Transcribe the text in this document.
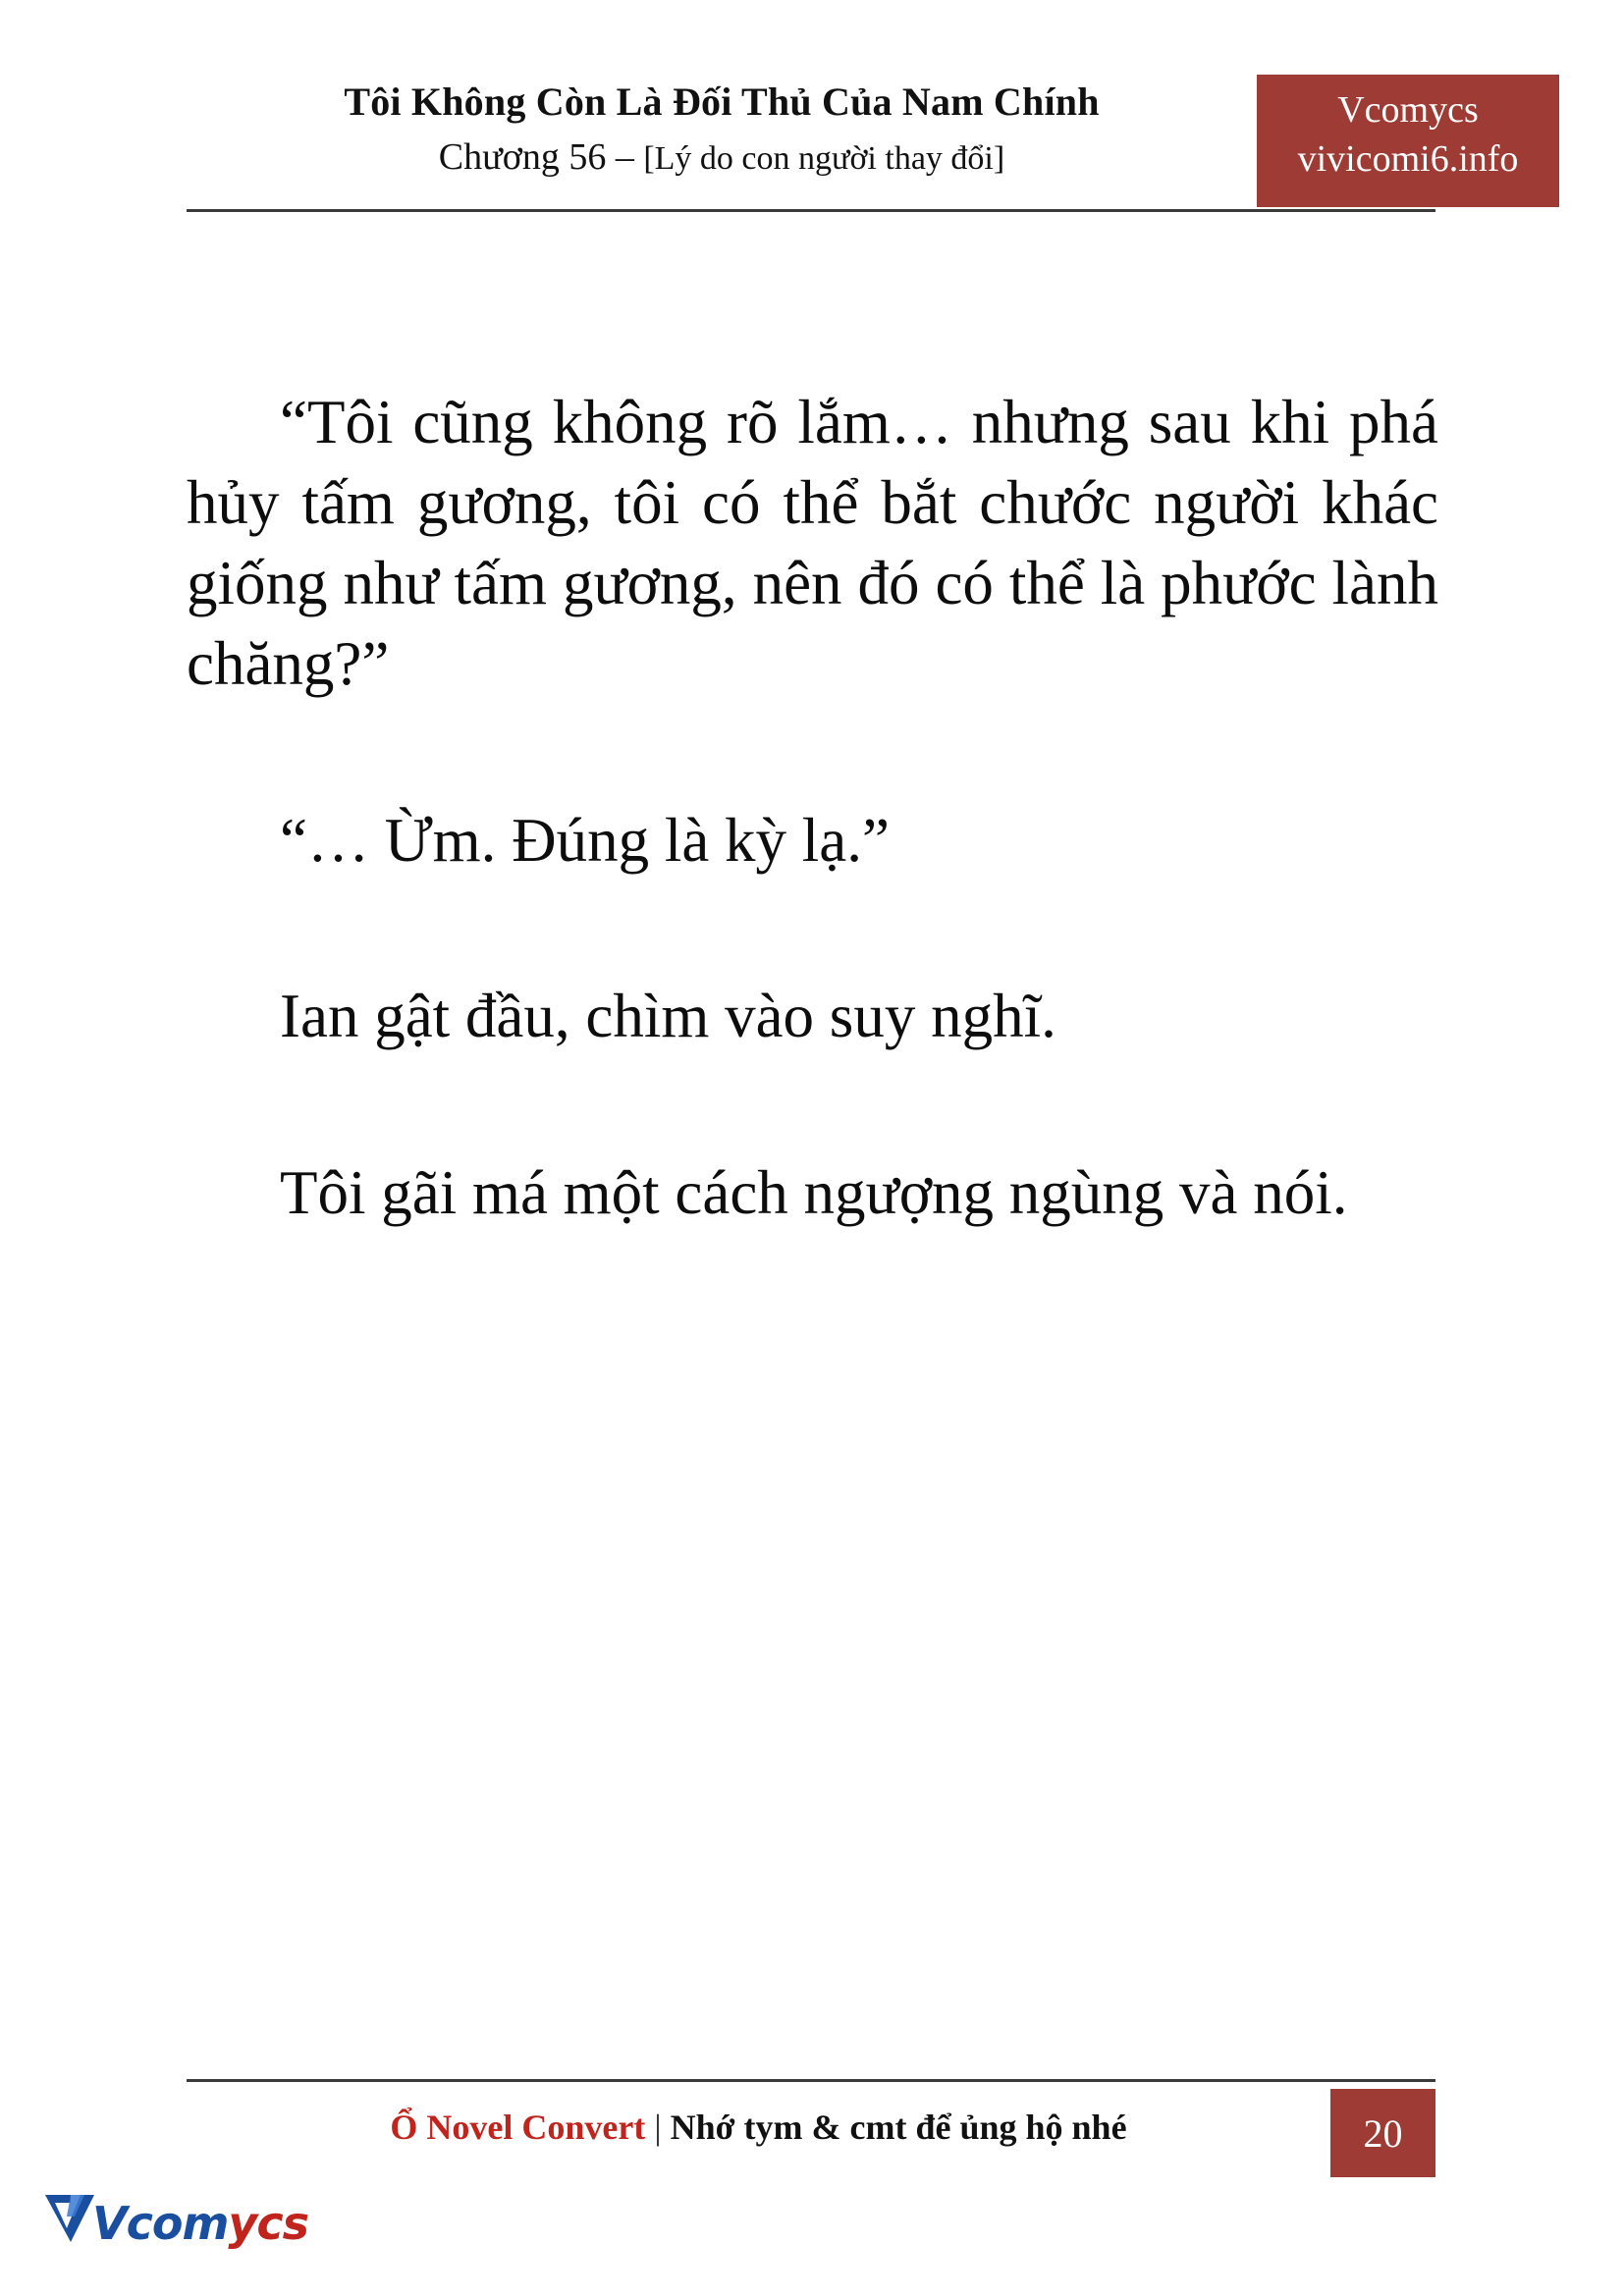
Tôi Không Còn Là Đối Thủ Của Nam Chính
Chương 56 – [Lý do con người thay đổi]
Vcomycs
vivicomi6.info
“Tôi cũng không rõ lắm… nhưng sau khi phá hủy tấm gương, tôi có thể bắt chước người khác giống như tấm gương, nên đó có thể là phước lành chăng?”
“… Ừm. Đúng là kỳ lạ.”
Ian gật đầu, chìm vào suy nghĩ.
Tôi gãi má một cách ngượng ngùng và nói.
Ổ Novel Convert | Nhớ tym & cmt để ủng hộ nhé	20
Vcomycs
